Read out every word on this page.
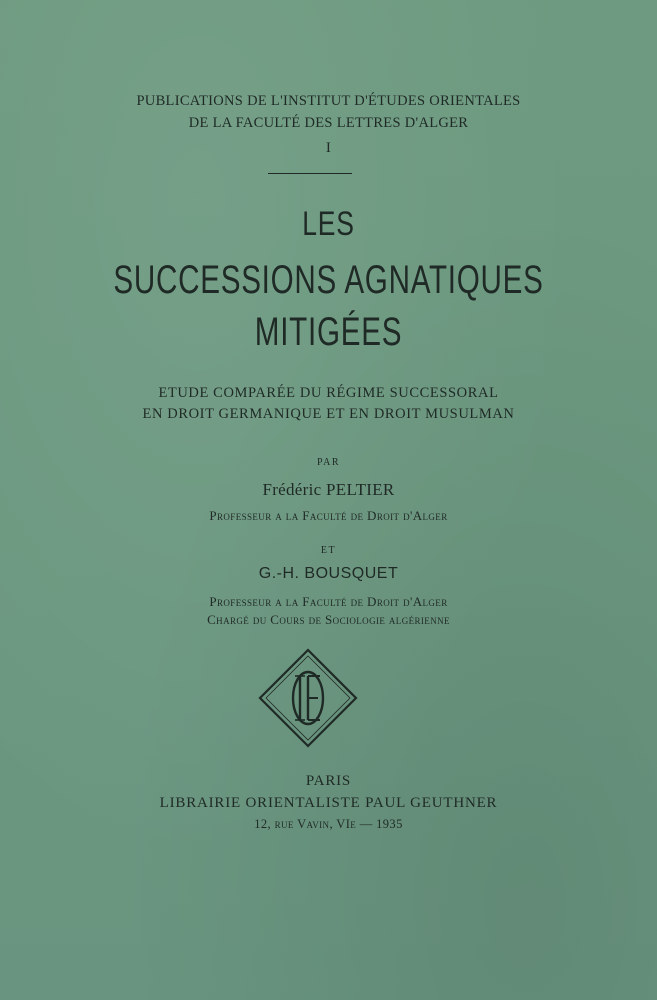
PUBLICATIONS DE L'INSTITUT D'ÉTUDES ORIENTALES
DE LA FACULTÉ DES LETTRES D'ALGER
I
LES
SUCCESSIONS AGNATIQUES
MITIGÉES
ETUDE COMPARÉE DU RÉGIME SUCCESSORAL
EN DROIT GERMANIQUE ET EN DROIT MUSULMAN
PAR
Frédéric PELTIER
Professeur a la Faculté de Droit d'Alger
ET
G.-H. BOUSQUET
Professeur a la Faculté de Droit d'Alger
Chargé du Cours de Sociologie algérienne
PARIS
LIBRAIRIE ORIENTALISTE PAUL GEUTHNER
12, rue Vavin, VIe — 1935
